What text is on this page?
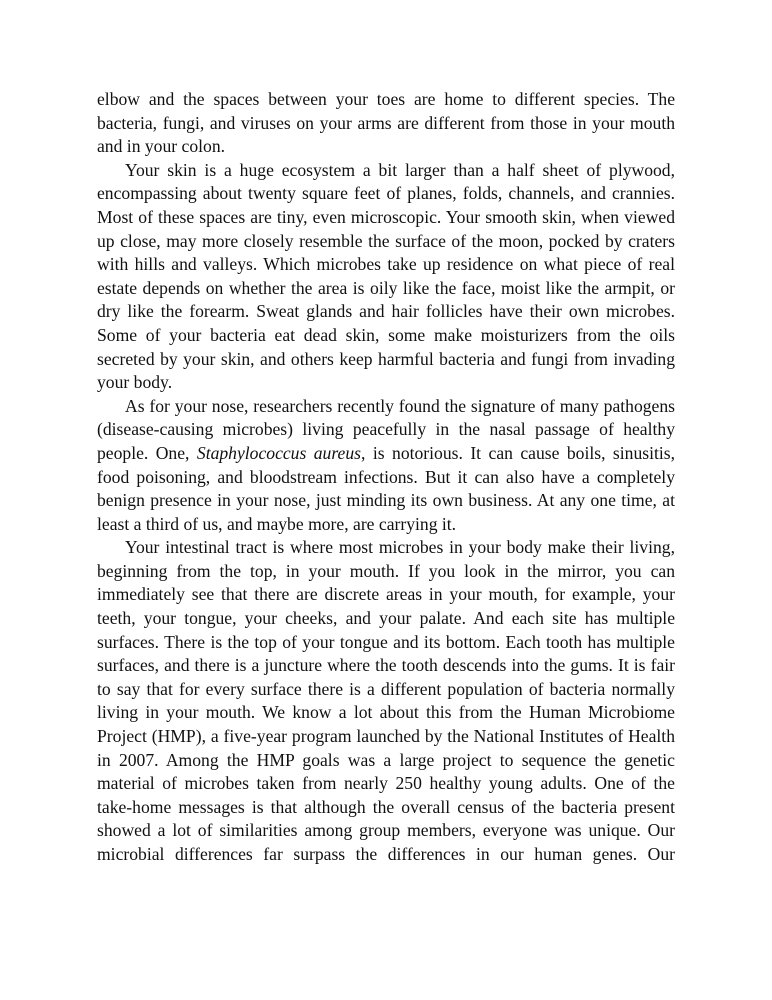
elbow and the spaces between your toes are home to different species. The bacteria, fungi, and viruses on your arms are different from those in your mouth and in your colon.

Your skin is a huge ecosystem a bit larger than a half sheet of plywood, encompassing about twenty square feet of planes, folds, channels, and crannies. Most of these spaces are tiny, even microscopic. Your smooth skin, when viewed up close, may more closely resemble the surface of the moon, pocked by craters with hills and valleys. Which microbes take up residence on what piece of real estate depends on whether the area is oily like the face, moist like the armpit, or dry like the forearm. Sweat glands and hair follicles have their own microbes. Some of your bacteria eat dead skin, some make moisturizers from the oils secreted by your skin, and others keep harmful bacteria and fungi from invading your body.

As for your nose, researchers recently found the signature of many pathogens (disease-causing microbes) living peacefully in the nasal passage of healthy people. One, Staphylococcus aureus, is notorious. It can cause boils, sinusitis, food poisoning, and bloodstream infections. But it can also have a completely benign presence in your nose, just minding its own business. At any one time, at least a third of us, and maybe more, are carrying it.

Your intestinal tract is where most microbes in your body make their living, beginning from the top, in your mouth. If you look in the mirror, you can immediately see that there are discrete areas in your mouth, for example, your teeth, your tongue, your cheeks, and your palate. And each site has multiple surfaces. There is the top of your tongue and its bottom. Each tooth has multiple surfaces, and there is a juncture where the tooth descends into the gums. It is fair to say that for every surface there is a different population of bacteria normally living in your mouth. We know a lot about this from the Human Microbiome Project (HMP), a five-year program launched by the National Institutes of Health in 2007. Among the HMP goals was a large project to sequence the genetic material of microbes taken from nearly 250 healthy young adults. One of the take-home messages is that although the overall census of the bacteria present showed a lot of similarities among group members, everyone was unique. Our microbial differences far surpass the differences in our human genes. Our
